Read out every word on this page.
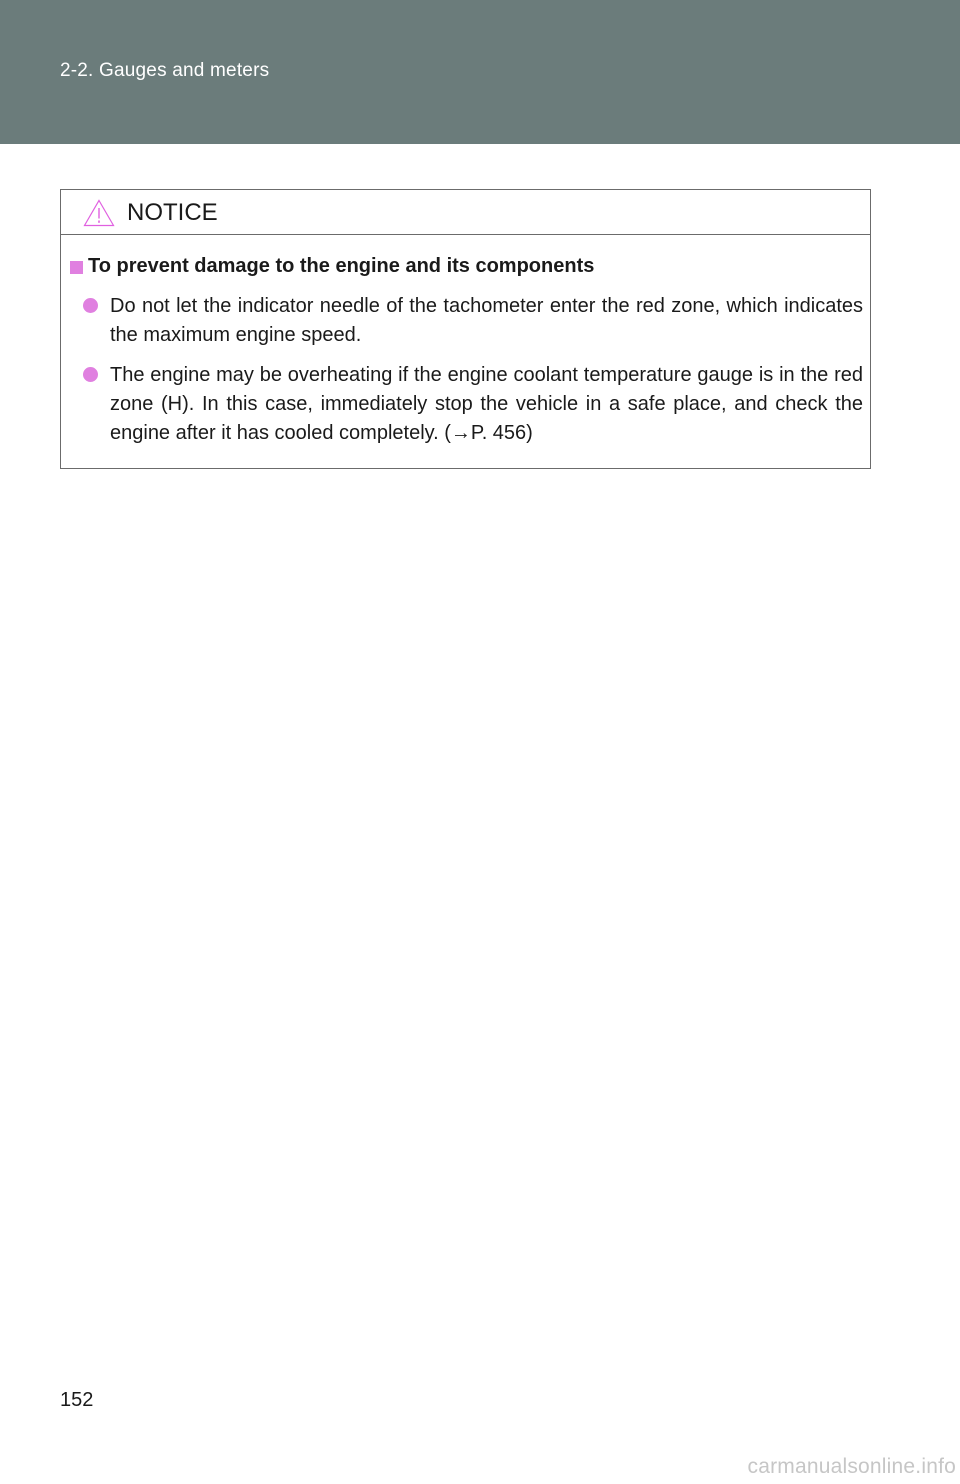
2-2. Gauges and meters
NOTICE
To prevent damage to the engine and its components
Do not let the indicator needle of the tachometer enter the red zone, which indicates the maximum engine speed.
The engine may be overheating if the engine coolant temperature gauge is in the red zone (H). In this case, immediately stop the vehicle in a safe place, and check the engine after it has cooled completely. (→P. 456)
152
carmanualsonline.info
